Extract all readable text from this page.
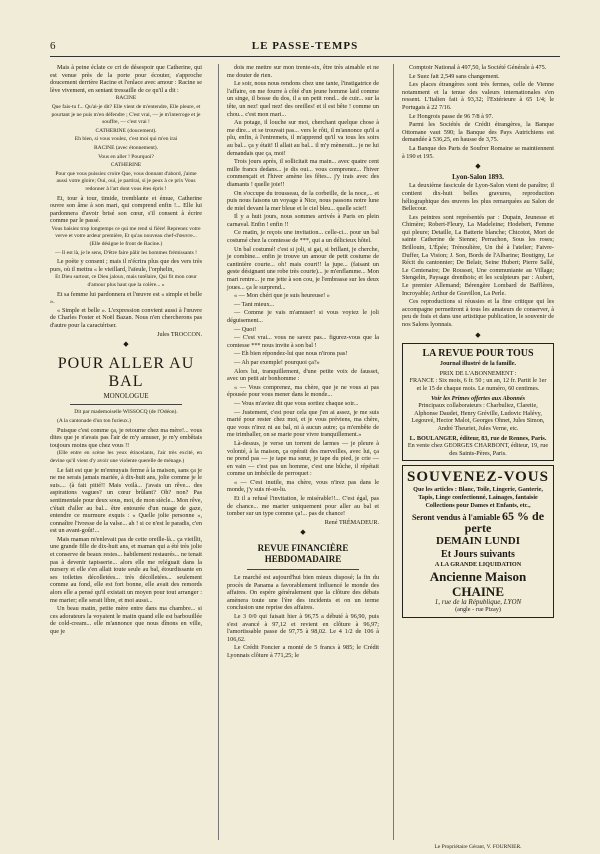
6	LE PASSE-TEMPS

Mais à peine éclate ce cri de désespoir que Catherine, qui est venue près de la porte pour écouter, s'approche doucement derrière Racine et l'enlace avec amour : Racine se lève vivement, en sentant tressaille de ce qu'il a dit :

RACINE

Que fais-tu f... Qu'ai-je dit? Elle vient de m'entendre, Elle pleure, et pourtant je ne puis m'en défendre ; C'est vrai, — je m'interroge et je souffre, — c'est vrai !

CATHERINE (doucement).

Eh bien, si vous voulez, c'est moi qui m'en irai

RACINE (avec étonnement).

Vous en aller ! Pourquoi?

CATHERINE

Pour que vous puissiez croire Que, vous donnant d'abord, j'aime aussi votre gloire; Oui, oui, je partirai, si je peux à ce prix Vous redonner à l'art dont vous êtes épris !

Et, tour à tour, timide, tremblante et émue, Catherine ouvre son âme à son mari, qui comprend enfin !... Elle lui pardonnera d'avoir brisé son cœur, s'il consent à écrire comme par le passé.

Vous baisiez trop longtemps ce qui me rend si fière! Reprenez votre verve et votre ardeur première, Et qu'au nouveau chef-d'œuvre... (Elle désigne le front de Racine.)

— Il est là, je le sens, D'être faire pâlir les hommes frémissants !

Le poète y consent ; mais il n'écrira plus que des vers très purs, où il mettra « le vieillard, l'aïeule, l'orphelin,

Et Dieu surtout, ce Dieu jaloux, mais tutélaire, Qui fit mon cœur d'amour plus haut que la colère... »

Et sa femme lui pardonnera et l'œuvre est « simple et belle ».

« Simple et belle ». L'expression convient aussi à l'œuvre de Charles Foster et Noël Bazan. Nous n'en chercherons pas d'autre pour la caractériser.

Jules TROCCON.

◆
POUR ALLER AU BAL
MONOLOGUE

Dit par mademoiselle WISSOCQ (de l'Odéon).

(A la cantonade d'un ton furieux.)

Puisque c'est comme ça, je retourne chez ma mère!... vous dites que je n'avais pas l'air de m'y amuser, je m'y embêtais toujours moins que chez vous !!

(Elle entre en scène les yeux étincelants, l'air très excité, en devine qu'il vient d'y avoir une violente querelle de ménage.)

Le fait est que je m'ennuyais ferme à la maison, sans ça je ne me serais jamais mariée, à dix-huit ans, jolie comme je le suis.... (à fait pitié!! Mais voilà... j'avais un rêve... des aspirations vagues? un cœur brûlant? Oh? non? Pas sentimentale pour deux sous, moi, de mon siècle... Mon rêve, c'était d'aller au bal... être entourée d'un nuage de gaze, entendre ce murmure exquis : « Quelle jolie personne », connaître l'ivresse de la valse... ah ! si ce n'est le paradis, c'en est un avant-goût!...

Mais maman m'enlevait pas de cette oreille-là... ça vieillit, une grande fille de dix-huit ans, et maman qui a été très jolie et conserve de beaux restes... habilement restaurés... ne tenait pas à devenir tapisserie... alors elle me reléguait dans la nursery et elle s'en allait toute seule au bal, étourdissante en ses toilettes décolletées... très décolletées... seulement comme au fond, elle est fort bonne, elle avait des remords alors elle a pensé qu'il existait un moyen pour tout arranger : me marier; elle serait libre, et moi aussi...

Un beau matin, petite mère entre dans ma chambre... si ces adorateurs la voyaient le matin quand elle est barbouillée de cold-cream... elle m'annonce que nous dînons en ville, que je

dois me mettre sur mon trente-six, être très aimable et ne me douter de rien.

Le soir, nous nous rendons chez une tante, l'instigatrice de l'affaire, on me fourre à côté d'un jeune homme laid comme un singe, il bosse du dos, il a un petit rond... de cuir... sur la tête, un nez! quel nez! des oreilles! et il est bête ! comme un chou... c'est mon mari...

Au potage, il louche sur moi, cherchant quelque chose à me dire... et se trouvait pas... vers le rôti, il m'annonce qu'il a plu, enfin, à l'entremets, il m'apprend qu'il va tous les soirs au bal... ça y était! Il allait au bal... il m'y mènerait... je ne lui demandais que ça, moi!

Trois jours après, il sollicitait ma main... avec quatre cent mille francs dedans... je dis oui... vous comprenez... l'hiver commençait et l'hiver amène les fêtes... j'y irais avec des diamants ! quelle joie!!

On s'occupe du trousseau, de la corbeille, de la noce,... et puis nous faisons un voyage à Nice, nous passons notre lune de miel devant la mer bleue et le ciel bleu... quelle scie!!

Il y a huit jours, nous sommes arrivés à Paris en plein carnaval. Enfin ! enfin !!

Ce matin, je reçois une invitation... celle-ci... pour un bal costumé chez la comtesse de ***, qui a un délicieux hôtel.

Un bal costumé! c'est si joli, si gai, si brillant, je cherche, je combine... enfin je trouve un amour de petit costume de cantinière courte... oh! mais court!! la jupe... (faisant un geste désignant une robe très courte)... je m'enflamme... Mon mari rentre... je me jette à son cou, je l'embrasse sur les deux joues... ça le surprend...

« — Mon chéri que je suis heureuse! »

— Tant mieux...

— Comme je vais m'amuser! si vous voyiez le joli déguisement...

— Quoi!

— C'est vrai... vous ne savez pas... figurez-vous que la comtesse *** nous invite à son bal !

— Eh bien répondez-lui que nous n'irons pas!

— Ah par exemple! pourquoi ça?»

Alors lui, tranquillement, d'une petite voix de fausset, avec un petit air bonhomme :

« — Vous comprenez, ma chère, que je ne vous ai pas épousée pour vous mener dans le monde...

— Vous m'aviez dit que vous sortiez chaque soir...

— Justement, c'est pour cela que j'en ai assez, je me suis marié pour rester chez moi, et je vous préviens, ma chère, que vous n'irez ni au bal, ni à aucun autre; ça m'embête de me trimballer, on se marie pour vivre tranquillement.»

Là-dessus, je verse un torrent de larmes — je pleure à volonté, à la maison, ça opérait des merveilles, avec lui, ça ne prend pas — je tape ma sœur, je tape du pied, je crie — en vain — c'est pas un homme, c'est une bûche, il répétait comme un imbécile de perroquet :

« — C'est inutile, ma chère, vous n'irez pas dans le monde, j'y suis ré-so-lu.

Et il a refusé l'invitation, le misérable!!... C'est égal, pas de chance... me marier uniquement pour aller au bal et tomber sur un type comme ça!... pas de chance!

René TRÉMADEUR.

◆
REVUE FINANCIÈRE HEBDOMADAIRE

Le marché est aujourd'hui bien mieux disposé; la fin du procès de Panama a favorablement influencé le monde des affaires. On espère généralement que la clôture des débats amènera toute une l'ère des incidents et on un terme conclusion une reprise des affaires.

Le 3 0/0 qui faisait hier à 96,75 a débuté à 96,90, puis s'est avancé à 97,12 et revient en clôture à 96,97; l'amortissable passe de 97,75 à 98,02. Le 4 1/2 de 106 à 106,62.

Le Crédit Foncier a monté de 5 francs à 985; le Crédit Lyonnais clôture à 771,25; le

Comptoir National à 497,50, la Société Générale à 475.

Le Suez fait 2,549 sans changement.

Les places étrangères sont très fermes, celle de Vienne notamment et la tenue des valeurs internationales s'en ressent. L'Italien fait à 93,32; l'Extérieure à 65 1/4; le Portugais à 22 7/16.

Le Hongrois passe de 96 7/8 à 97.

Parmi les Sociétés de Crédit étrangères, la Banque Ottomane vaut 590; la Banque des Pays Autrichiens est demandée à 536,25, en hausse de 3,75.

La Banque des Parts de Soufrer Romaine se maintiennent à 190 et 195.

◆

Lyon-Salon 1893.

La deuxième fascicule de Lyon-Salon vient de paraître; il contient dix-huit belles gravures, reproduction héliographique des œuvres les plus remarquées au Salon de Bellecour.

Les peintres sont représentés par : Dupain, Jeunesse et Chimère; Robert-Fleury, La Madeleine; Hodebert, Femme qui pleure; Detaille, La Batterie blanche; Chicotot, Mort de sainte Catherine de Sienne; Perrachon, Sous les roses; Brillouin, L'Épée; Trénoulière, Un thé à l'atelier; Faivre-Duffer, La Vision; J. Son, Bords de l'Albarine; Boutigny, Le Récit du cantonnier; De Belair, Seine Hubert; Pierre Sallé, Le Centenaire; De Rousset, Une communiante au Village; Stengelin, Paysage drenthois; et les sculpteurs par : Aubert, Le premier Allemand; Bérengère Lombard de Bafflères, Incroyable; Arthur de Gravillon, La Perle.

Ces reproductions si réussies et la fine critique qui les accompagne permettront à tous les amateurs de conserver, à peu de frais et dans une artistique publication, le souvenir de nos Salons lyonnais.

◆
LA REVUE POUR TOUS
Journal illustré de la famille.
PRIX DE L'ABONNEMENT :
FRANCE : Six mois, 6 fr. 50 ; un an, 12 fr. Partit le 1er et le 15 de chaque mois. Le numéro, 60 centimes.
Voir les Primes offertes aux Abonnés
Principaux collaborateurs : Charbuliez, Claretie, Alphonse Daudet, Henry Gréville, Ludovic Halévy, Legouvé, Hector Malot, Georges Ohnet, Jules Simon, André Theuriet, Jules Verne, etc.
L. BOULANGER, éditeur, 83, rue de Rennes, Paris.
En vente chez GEORGES CHARBONT, éditeur, 19, rue des Saints-Pères, Paris.
SOUVENEZ-VOUS
Que les articles : Blanc, Toile, Lingerie, Ganterie, Tapis, Linge confectionné, Lainages, fantaisie Collections pour Dames et Enfants, etc.,
Seront vendus à l'amiable 65 % de perte
DEMAIN LUNDI
Et Jours suivants
A LA GRANDE LIQUIDATION
Ancienne Maison CHAINE
1, rue de la République, LYON
(angle - rue Pizay)
Le Propriétaire Gérant, V. FOURNIER.
